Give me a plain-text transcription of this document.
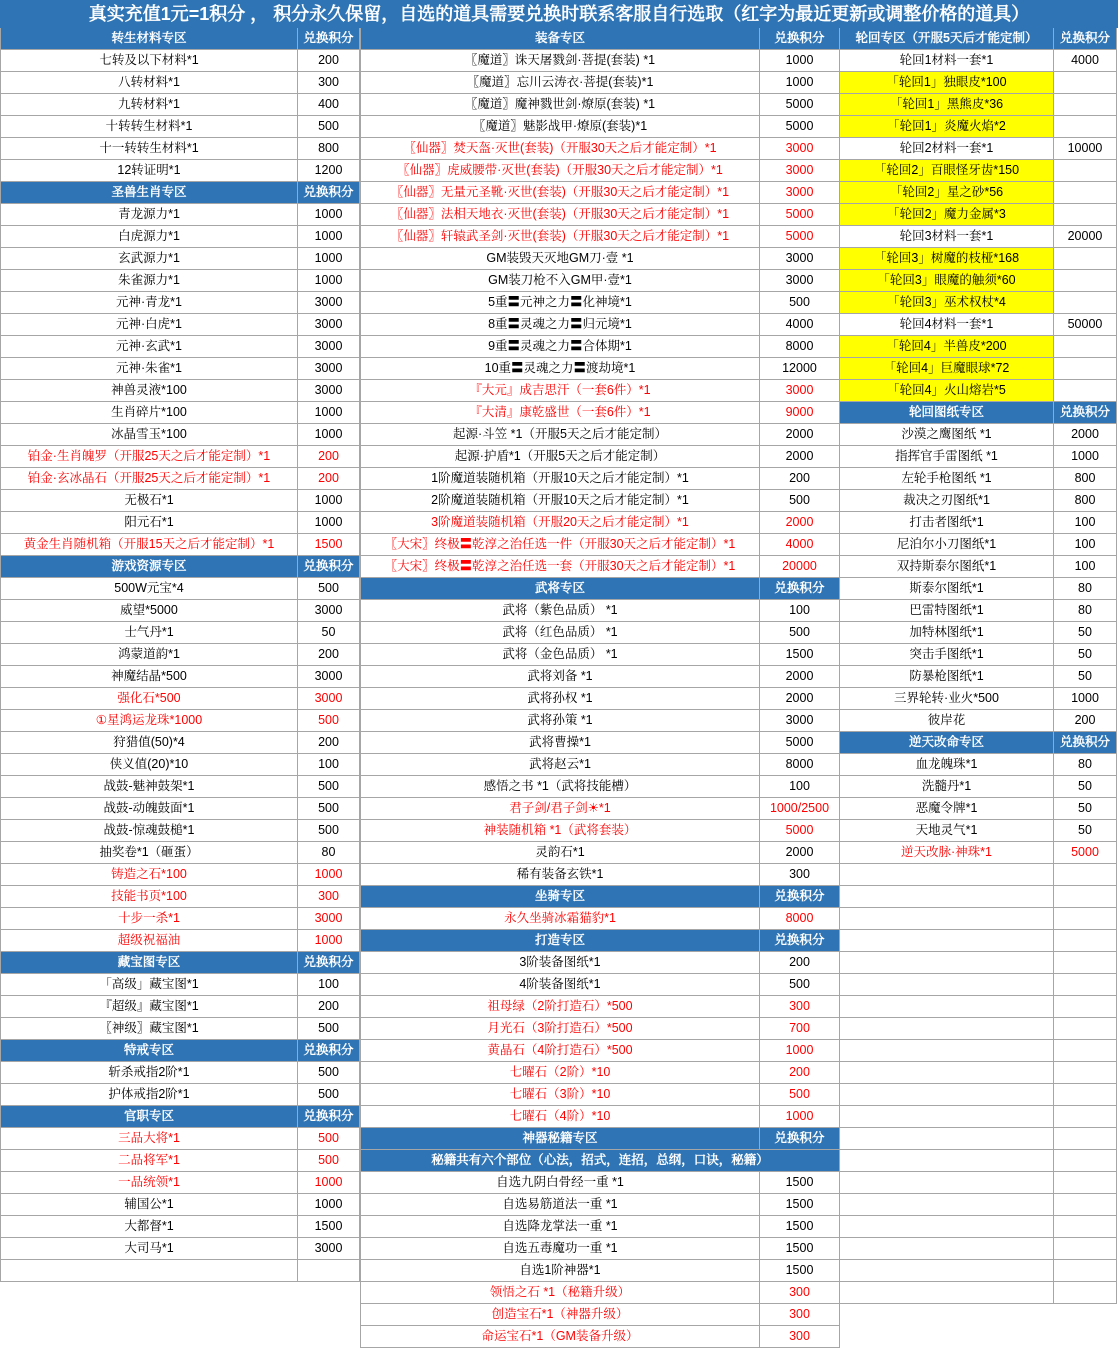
真实充值1元=1积分 ， 积分永久保留，自选的道具需要兑换时联系客服自行选取（红字为最近更新或调整价格的道具）
转生材料专区	兑换积分
七转及以下材料*1	200
八转材料*1	300
九转材料*1	400
十转转生材料*1	500
十一转转生材料*1	800
12转证明*1	1200
圣兽生肖专区	兑换积分
青龙源力*1	1000
白虎源力*1	1000
玄武源力*1	1000
朱雀源力*1	1000
元神·青龙*1	3000
元神·白虎*1	3000
元神·玄武*1	3000
元神·朱雀*1	3000
神兽灵液*100	3000
生肖碎片*100	1000
冰晶雪玉*100	1000
铂金·生肖魄罗（开服25天之后才能定制）*1	200
铂金·玄冰晶石（开服25天之后才能定制）*1	200
无极石*1	1000
阳元石*1	1000
黄金生肖随机箱（开服15天之后才能定制）*1	1500
游戏资源专区	兑换积分
500W元宝*4	500
威望*5000	3000
士气丹*1	50
鸿蒙道韵*1	200
神魔结晶*500	3000
强化石*500	3000
①星鸿运龙珠*1000	500
狩猎值(50)*4	200
侠义值(20)*10	100
战鼓-魅神鼓架*1	500
战鼓-动魄鼓面*1	500
战鼓-惊魂鼓槌*1	500
抽奖卷*1（砸蛋）	80
铸造之石*100	1000
技能书页*100	300
十步一杀*1	3000
超级祝福油	1000
藏宝图专区	兑换积分
「高级」藏宝图*1	100
『超级』藏宝图*1	200
〖神级〗藏宝图*1	500
特戒专区	兑换积分
斩杀戒指2阶*1	500
护体戒指2阶*1	500
官职专区	兑换积分
三品大将*1	500
二品将军*1	500
一品统领*1	1000
辅国公*1	1000
大都督*1	1500
大司马*1	3000
装备专区	兑换积分
〖魔道〗诛天屠戮剑·菩提(套装) *1	1000
〖魔道〗忘川云涛衣·菩提(套装)*1	1000
〖魔道〗魔神戮世剑·燎原(套装) *1	5000
〖魔道〗魅影战甲·燎原(套装)*1	5000
〖仙器〗焚天盔·灭世(套装)（开服30天之后才能定制）*1	3000
〖仙器〗虎威腰带·灭世(套装)（开服30天之后才能定制）*1	3000
〖仙器〗无量元圣靴·灭世(套装)（开服30天之后才能定制）*1	3000
〖仙器〗法相天地衣·灭世(套装)（开服30天之后才能定制）*1	5000
〖仙器〗轩辕武圣剑·灭世(套装)（开服30天之后才能定制）*1	5000
GM装毁天灭地GM刀·壹 *1	3000
GM装刀枪不入GM甲·壹*1	3000
5重〓元神之力〓化神境*1	500
8重〓灵魂之力〓归元境*1	4000
9重〓灵魂之力〓合体期*1	8000
10重〓灵魂之力〓渡劫境*1	12000
『大元』成吉思汗（一套6件）*1	3000
『大清』康乾盛世（一套6件）*1	9000
起源·斗笠 *1（开服5天之后才能定制）	2000
起源·护盾*1（开服5天之后才能定制）	2000
1阶魔道装随机箱（开服10天之后才能定制）*1	200
2阶魔道装随机箱（开服10天之后才能定制）*1	500
3阶魔道装随机箱（开服20天之后才能定制）*1	2000
〖大宋〗终极〓乾淳之治任选一件（开服30天之后才能定制）*1	4000
〖大宋〗终极〓乾淳之治任选一套（开服30天之后才能定制）*1	20000
武将专区	兑换积分
武将（紫色品质） *1	100
武将（红色品质） *1	500
武将（金色品质） *1	1500
武将刘备 *1	2000
武将孙权 *1	2000
武将孙策 *1	3000
武将曹操*1	5000
武将赵云*1	8000
感悟之书 *1（武将技能槽）	100
君子剑/君子剑☀*1	1000/2500
神装随机箱 *1（武将套装）	5000
灵韵石*1	2000
稀有装备玄铁*1	300
坐骑专区	兑换积分
永久坐骑冰霜猫豹*1	8000
打造专区	兑换积分
3阶装备图纸*1	200
4阶装备图纸*1	500
祖母绿（2阶打造石）*500	300
月光石（3阶打造石）*500	700
黄晶石（4阶打造石）*500	1000
七曜石（2阶）*10	200
七曜石（3阶）*10	500
七曜石（4阶）*10	1000
神器秘籍专区	兑换积分
秘籍共有六个部位（心法，招式，连招，总纲，口诀，秘籍）
自选九阴白骨经一重 *1	1500
自选易筋道法一重 *1	1500
自选降龙掌法一重 *1	1500
自选五毒魔功一重 *1	1500
自选1阶神器*1	1500
领悟之石 *1（秘籍升级）	300
创造宝石*1（神器升级）	300
命运宝石*1（GM装备升级）	300
轮回专区（开服5天后才能定制）	兑换积分
轮回1材料一套*1	4000
「轮回1」独眼皮*100
「轮回1」黑熊皮*36
「轮回1」炎魔火焰*2
轮回2材料一套*1	10000
「轮回2」百眼怪牙齿*150
「轮回2」星之砂*56
「轮回2」魔力金属*3
轮回3材料一套*1	20000
「轮回3」树魔的枝桠*168
「轮回3」眼魔的触须*60
「轮回3」巫术权杖*4
轮回4材料一套*1	50000
「轮回4」半兽皮*200
「轮回4」巨魔眼球*72
「轮回4」火山熔岩*5
轮回图纸专区	兑换积分
沙漠之鹰图纸 *1	2000
指挥官手雷图纸 *1	1000
左轮手枪图纸 *1	800
裁决之刃图纸*1	800
打击者图纸*1	100
尼泊尔小刀图纸*1	100
双持斯泰尔图纸*1	100
斯泰尔图纸*1	80
巴雷特图纸*1	80
加特林图纸*1	50
突击手图纸*1	50
防暴枪图纸*1	50
三界轮转·业火*500	1000
彼岸花	200
逆天改命专区	兑换积分
血龙魄珠*1	80
洗髓丹*1	50
恶魔令牌*1	50
天地灵气*1	50
逆天改脉·神珠*1	5000
